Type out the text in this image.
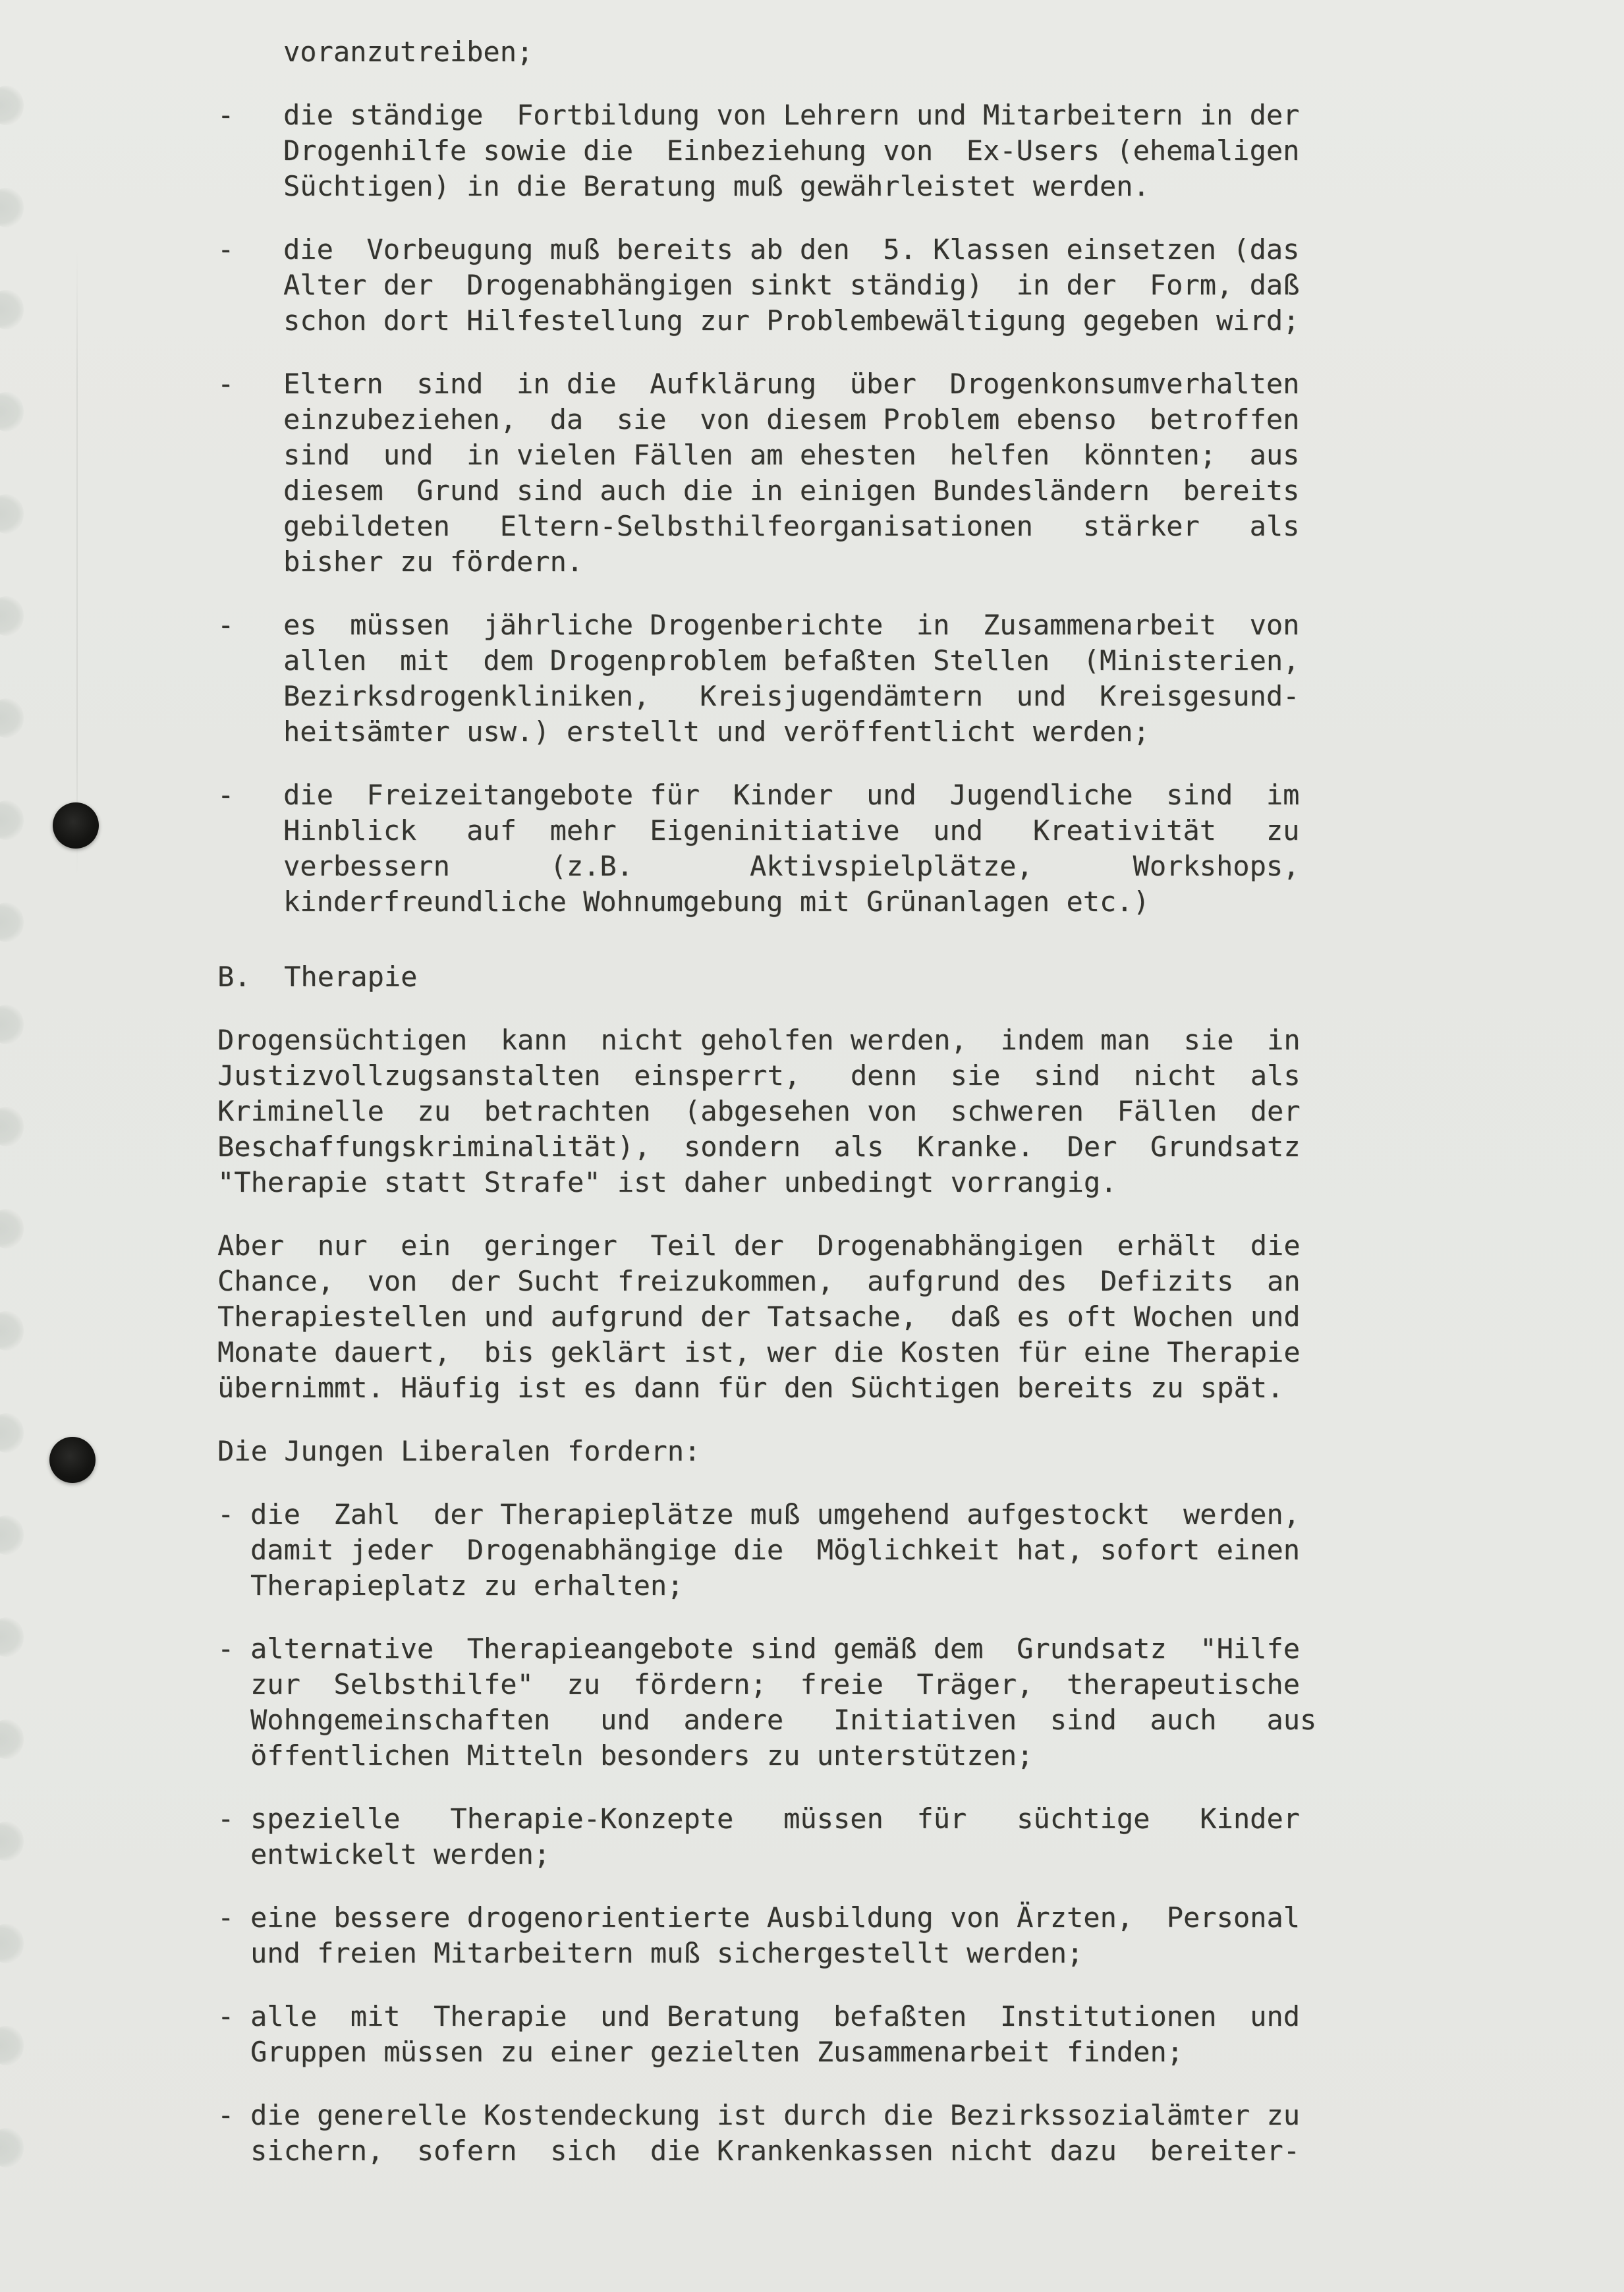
voranzutreiben;
- die ständige  Fortbildung von Lehrern und Mitarbeitern in der
Drogenhilfe sowie die  Einbeziehung von  Ex-Users (ehemaligen
Süchtigen) in die Beratung muß gewährleistet werden.
- die  Vorbeugung muß bereits ab den  5. Klassen einsetzen (das
Alter der  Drogenabhängigen sinkt ständig)  in der  Form, daß
schon dort Hilfestellung zur Problembewältigung gegeben wird;
- Eltern  sind  in die  Aufklärung  über  Drogenkonsumverhalten
einzubeziehen,  da  sie  von diesem Problem ebenso  betroffen
sind  und  in vielen Fällen am ehesten  helfen  könnten;  aus
diesem  Grund sind auch die in einigen Bundesländern  bereits
gebildeten   Eltern-Selbsthilfeorganisationen   stärker   als
bisher zu fördern.
- es  müssen  jährliche Drogenberichte  in  Zusammenarbeit  von
allen  mit  dem Drogenproblem befaßten Stellen  (Ministerien,
Bezirksdrogenkliniken,   Kreisjugendämtern  und  Kreisgesund-
heitsämter usw.) erstellt und veröffentlicht werden;
- die  Freizeitangebote für  Kinder  und  Jugendliche  sind  im
Hinblick   auf  mehr  Eigeninitiative  und   Kreativität   zu
verbessern      (z.B.       Aktivspielplätze,      Workshops,
kinderfreundliche Wohnumgebung mit Grünanlagen etc.)
B.  Therapie
Drogensüchtigen  kann  nicht geholfen werden,  indem man  sie  in
Justizvollzugsanstalten  einsperrt,   denn  sie  sind  nicht  als
Kriminelle  zu  betrachten  (abgesehen von  schweren  Fällen  der
Beschaffungskriminalität),  sondern  als  Kranke.  Der  Grundsatz
"Therapie statt Strafe" ist daher unbedingt vorrangig.
Aber  nur  ein  geringer  Teil der  Drogenabhängigen  erhält  die
Chance,  von  der Sucht freizukommen,  aufgrund des  Defizits  an
Therapiestellen und aufgrund der Tatsache,  daß es oft Wochen und
Monate dauert,  bis geklärt ist, wer die Kosten für eine Therapie
übernimmt. Häufig ist es dann für den Süchtigen bereits zu spät.
Die Jungen Liberalen fordern:
- die  Zahl  der Therapieplätze muß umgehend aufgestockt  werden,
damit jeder  Drogenabhängige die  Möglichkeit hat, sofort einen
Therapieplatz zu erhalten;
- alternative  Therapieangebote sind gemäß dem  Grundsatz  "Hilfe
zur  Selbsthilfe"  zu  fördern;  freie  Träger,  therapeutische
Wohngemeinschaften   und  andere   Initiativen  sind  auch   aus
öffentlichen Mitteln besonders zu unterstützen;
- spezielle   Therapie-Konzepte   müssen  für   süchtige   Kinder
entwickelt werden;
- eine bessere drogenorientierte Ausbildung von Ärzten,  Personal
und freien Mitarbeitern muß sichergestellt werden;
- alle  mit  Therapie  und Beratung  befaßten  Institutionen  und
Gruppen müssen zu einer gezielten Zusammenarbeit finden;
- die generelle Kostendeckung ist durch die Bezirkssozialämter zu
sichern,  sofern  sich  die Krankenkassen nicht dazu  bereiter-
